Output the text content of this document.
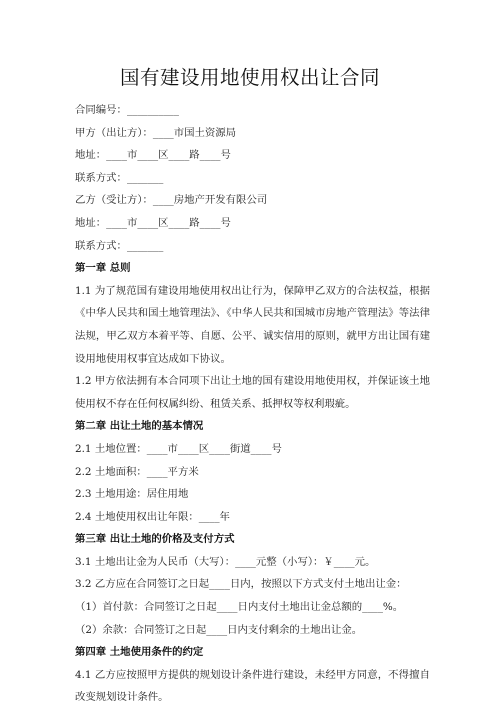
国有建设用地使用权出让合同

合同编号：__________

甲方（出让方）：____市国土资源局

地址：____市____区____路____号

联系方式：_______

乙方（受让方）：____房地产开发有限公司

地址：____市____区____路____号

联系方式：_______

第一章 总则

1.1 为了规范国有建设用地使用权出让行为，保障甲乙双方的合法权益，根据《中华人民共和国土地管理法》、《中华人民共和国城市房地产管理法》等法律法规，甲乙双方本着平等、自愿、公平、诚实信用的原则，就甲方出让国有建设用地使用权事宜达成如下协议。

1.2 甲方依法拥有本合同项下出让土地的国有建设用地使用权，并保证该土地使用权不存在任何权属纠纷、租赁关系、抵押权等权利瑕疵。

第二章 出让土地的基本情况

2.1 土地位置：____市____区____街道____号

2.2 土地面积：____平方米

2.3 土地用途：居住用地

2.4 土地使用权出让年限：____年

第三章 出让土地的价格及支付方式

3.1 土地出让金为人民币（大写）：____元整（小写）：￥____元。

3.2 乙方应在合同签订之日起____日内，按照以下方式支付土地出让金：

（1）首付款：合同签订之日起____日内支付土地出让金总额的____%。

（2）余款：合同签订之日起____日内支付剩余的土地出让金。

第四章 土地使用条件的约定

4.1 乙方应按照甲方提供的规划设计条件进行建设，未经甲方同意，不得擅自改变规划设计条件。
